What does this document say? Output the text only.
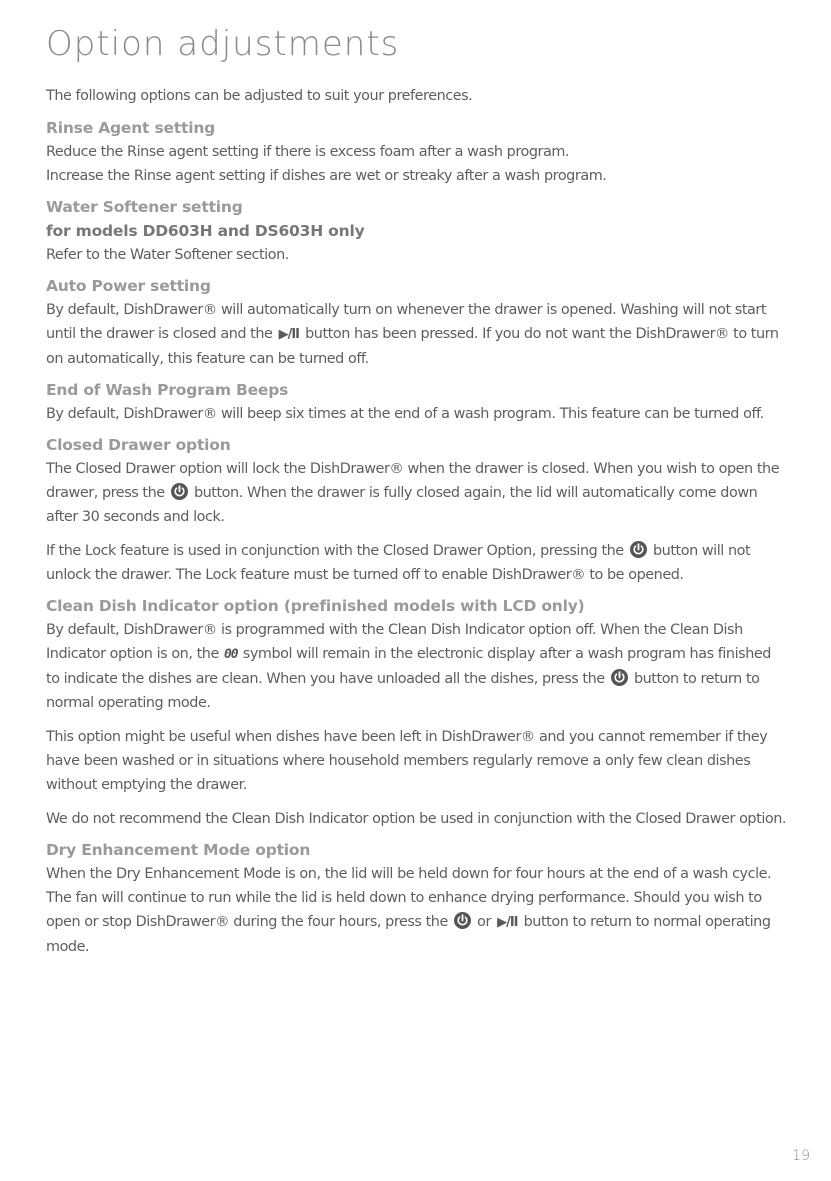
Option adjustments

The following options can be adjusted to suit your preferences.

Rinse Agent setting

Reduce the Rinse agent setting if there is excess foam after a wash program.

Increase the Rinse agent setting if dishes are wet or streaky after a wash program.

Water Softener setting
for models DD603H and DS603H only

Refer to the Water Softener section.

Auto Power setting

By default, DishDrawer® will automatically turn on whenever the drawer is opened. Washing will not start until the drawer is closed and the ▶/II button has been pressed. If you do not want the DishDrawer® to turn on automatically, this feature can be turned off.

End of Wash Program Beeps

By default, DishDrawer® will beep six times at the end of a wash program. This feature can be turned off.

Closed Drawer option

The Closed Drawer option will lock the DishDrawer® when the drawer is closed. When you wish to open the drawer, press the button. When the drawer is fully closed again, the lid will automatically come down after 30 seconds and lock.

If the Lock feature is used in conjunction with the Closed Drawer Option, pressing the button will not unlock the drawer. The Lock feature must be turned off to enable DishDrawer® to be opened.

Clean Dish Indicator option (prefinished models with LCD only)

By default, DishDrawer® is programmed with the Clean Dish Indicator option off. When the Clean Dish Indicator option is on, the 00 symbol will remain in the electronic display after a wash program has finished to indicate the dishes are clean. When you have unloaded all the dishes, press the button to return to normal operating mode.

This option might be useful when dishes have been left in DishDrawer® and you cannot remember if they have been washed or in situations where household members regularly remove a only few clean dishes without emptying the drawer.

We do not recommend the Clean Dish Indicator option be used in conjunction with the Closed Drawer option.

Dry Enhancement Mode option

When the Dry Enhancement Mode is on, the lid will be held down for four hours at the end of a wash cycle. The fan will continue to run while the lid is held down to enhance drying performance. Should you wish to open or stop DishDrawer® during the four hours, press the or ▶/II button to return to normal operating mode.

19
